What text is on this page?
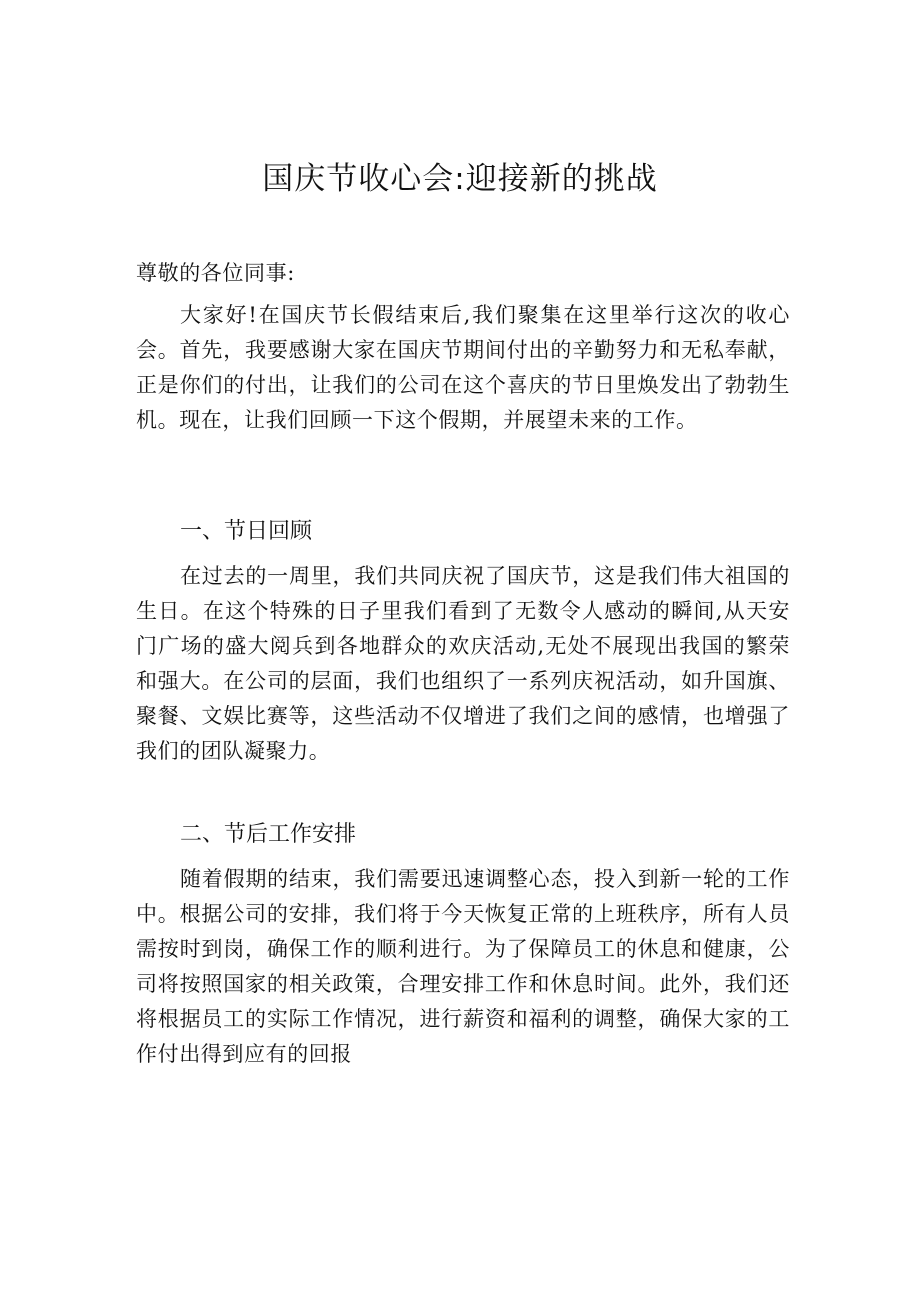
国庆节收心会:迎接新的挑战

尊敬的各位同事:

大家好!在国庆节长假结束后,我们聚集在这里举行这次的收心会。首先，我要感谢大家在国庆节期间付出的辛勤努力和无私奉献，正是你们的付出，让我们的公司在这个喜庆的节日里焕发出了勃勃生机。现在，让我们回顾一下这个假期，并展望未来的工作。

一、节日回顾

在过去的一周里，我们共同庆祝了国庆节，这是我们伟大祖国的生日。在这个特殊的日子里我们看到了无数令人感动的瞬间,从天安门广场的盛大阅兵到各地群众的欢庆活动,无处不展现出我国的繁荣和强大。在公司的层面，我们也组织了一系列庆祝活动，如升国旗、聚餐、文娱比赛等，这些活动不仅增进了我们之间的感情，也增强了我们的团队凝聚力。

二、节后工作安排

随着假期的结束，我们需要迅速调整心态，投入到新一轮的工作中。根据公司的安排，我们将于今天恢复正常的上班秩序，所有人员需按时到岗，确保工作的顺利进行。为了保障员工的休息和健康，公司将按照国家的相关政策，合理安排工作和休息时间。此外，我们还将根据员工的实际工作情况，进行薪资和福利的调整，确保大家的工作付出得到应有的回报
